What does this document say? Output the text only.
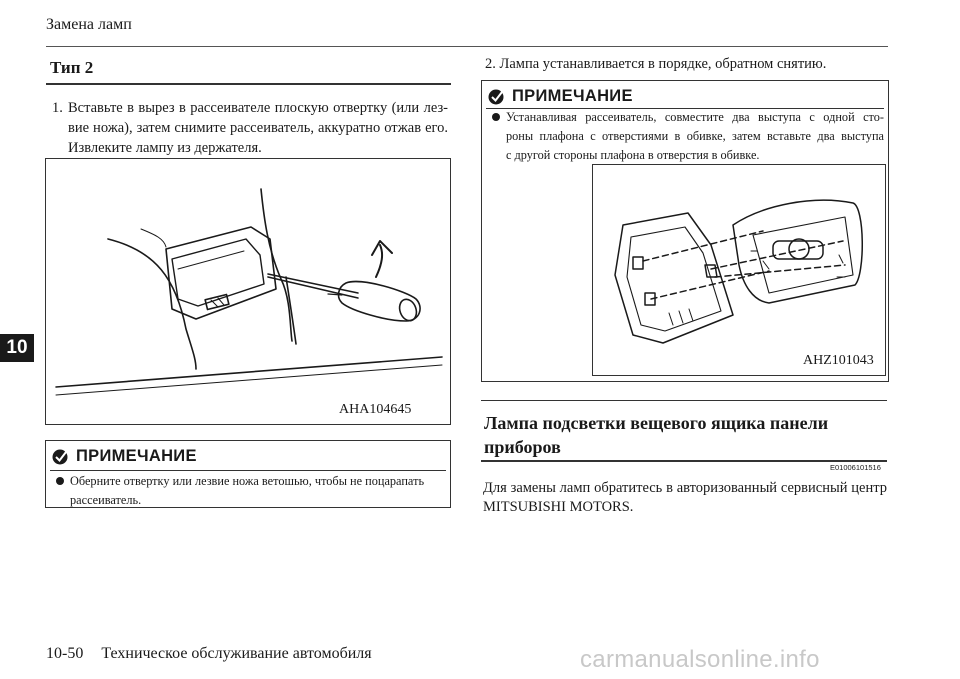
Замена ламп
10
Тип 2
1. Вставьте в вырез в рассеивателе плоскую отвертку (или лез-
вие ножа), затем снимите рассеиватель, аккуратно отжав его.
Извлеките лампу из держателя.
AHA104645
ПРИМЕЧАНИЕ
Оберните отвертку или лезвие ножа ветошью, чтобы не поцарапать
рассеиватель.
2. Лампа устанавливается в порядке, обратном снятию.
ПРИМЕЧАНИЕ
Устанавливая рассеиватель, совместите два выступа с одной сто-
роны плафона с отверстиями в обивке, затем вставьте два выступа
с другой стороны плафона в отверстия в обивке.
AHZ101043
Лампа подсветки вещевого ящика панели
приборов
E01006101516
Для замены ламп обратитесь в авторизованный сервисный центр
MITSUBISHI MOTORS.
10-50 Техническое обслуживание автомобиля	carmanualsonline.info
